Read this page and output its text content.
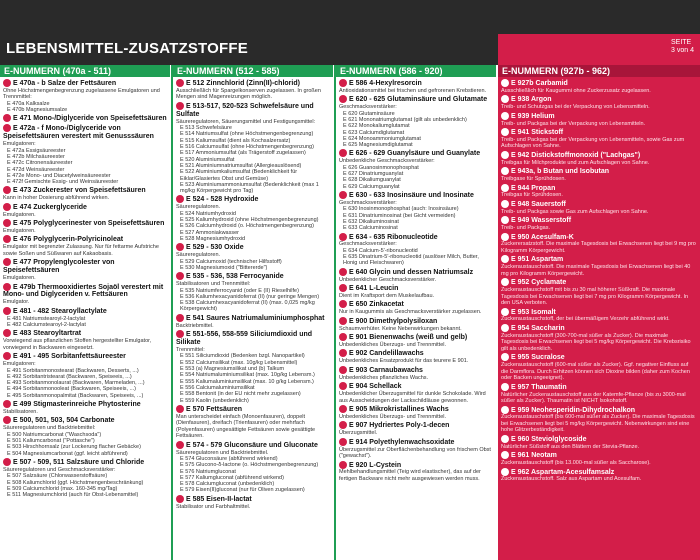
LEBENSMITTEL-ZUSATZSTOFFE	SEITE
3 von 4
E-NUMMERN (470a - 511)
E 470a - b Salze der Fettsäuren
Ohne Höchstmengenbegrenzung zugelassene Emulgatoren und Trennmittel:
E 470a Kalksalze
E 470b Magnesiumsalze
E 471 Mono-/Diglyceride von Speisefettsäuren
E 472a - f Mono-/Diglyceride von Speisefettsäuren verestert mit Genusssäuren
Emulgatoren:
E 472a Essigsäureester
E 472b Milchsäureester
E 472c Citronensäureester
E 472d Weinsäureester
E 472e Mono- und Diacetylweinsäureester
E 472f Gemischte Essig- und Weinsäureester
E 473 Zuckerester von Speisefettsäuren
Kann in hoher Dosierung abführend wirken.
E 474 Zuckerglyceride
Emulgatoren.
E 475 Polyglycerinester von Speisefettsäuren
Emulgatoren.
E 476 Polyglycerin-Polyricinoleat
Emulgator mit begrenzter Zulassung. Nur für fettarme Aufstriche sowie Soßen und Süßwaren auf Kakaobasis.
E 477 Propylenglycolester von Speisefettsäuren
Emulgatoren.
E 479b Thermooxidiertes Sojaöl verestert mit Mono- und Diglyceriden v. Fettsäuren
Emulgator.
E 481 - 482 Stearoyllactylate
E 481 Natriumstearoyl-2-lactylat
E 482 Calciumstearoyl-2-lactylat
E 483 Stearoyltartrat
Vorwiegend aus pflanzlichen Stoffen hergestellter Emulgator, vorwiegend in Backwaren eingesetzt.
E 491 - 495 Sorbitanfettsäureester
Emulgatoren:
E 491 Sorbitanmonostearat (Backwaren, Desserts, ...)
E 492 Sorbitantristearat (Backwaren, Speiseeis, ...)
E 493 Sorbitanmonolaurat (Backwaren, Marmeladen, ...)
E 494 Sorbitanmonooleat (Backwaren, Speiseeis, ...)
E 495 Sorbitanmonopalmitat (Backwaren, Speiseeis, ...)
E 499 Stigmasterinreiche Phytosterine
Stabilisatoren.
E 500, 501, 503, 504 Carbonate
Säureregulatoren und Backtriebmittel:
E 500 Natriumcarbonat ("Waschsoda")
E 501 Kaliumcarbonat ("Pottasche")
E 503 Hirschhornsalz (zur Lockerung flacher Gebäcke)
E 504 Magnesiumcarbonat (ggf. leicht abführend)
E 507 - 509, 511 Salzsäure und Chloride
Säureregulatoren und Geschmacksverstärker:
E 507 Salzsäure (Chlorwasserstoffsäure)
E 508 Kaliumchlorid (ggf. Höchstmengenbeschränkung)
E 509 Calciumchlorid (max. 160-345 mg/Tag)
E 511 Magnesiumchlorid (auch für Obst-Lebensmittel)
E-NUMMERN (512 - 585)
E 512 Zinnchlorid (Zinn(II)-chlorid)
Ausschließlich für Spargelkonserven zugelassen. In großen Mengen sind Magenreizungen möglich.
E 513-517, 520-523 Schwefelsäure und Sulfate
Säureregulatoren, Säuerungsmittel und Festigungsmittel:
E 513 Schwefelsäure
E 514 Natriumsulfat (ohne Höchstmengenbegrenzung)
E 515 Kaliumsulfat (dient als Kochsalzersatz)
E 516 Calciumsulfat (ohne Höchstmengenbegrenzung)
E 517 Ammoniumsulfat (als Trägerstoff zugelassen)
E 520 Aluminiumsulfat
E 521 Aluminiumnatriumsulfat (Allergieauslösend)
E 522 Aluminiumkaliumsulfat (Bedenklichkeit für Eiklar/Glasiertes Obst und Gemüse)
E 523 Aluminiumammoniumsulfat (Bedenklichkeit (max 1 mg/kg Körpergewicht pro Tag)
E 524 - 528 Hydroxide
Säureregulatoren.
E 524 Natriumhydroxid
E 525 Kaliumhydroxid (ohne Höchstmengenbegrenzung)
E 526 Calciumhydroxid (o. Höchstmengenbegrenzung)
E 527 Ammoniakwasser
E 528 Magnesiumhydroxid
E 529 - 530 Oxide
Säureregulatoren.
E 529 Calciumoxid (technischer Hilfsstoff)
E 530 Magnesiumoxid ("Bittererde")
E 535 - 536, 538 Ferrocyanide
Stabilisatoren und Trennmittel:
E 535 Natriumferrocyanid (oder E (II) Rieselhilfe)
E 536 Kaliumhexacyanidoferrat (II) (nur geringe Mengen)
E 538 Calciumhexacyanidoferrat (II) (max. 0,025 mg/kg Körpergewicht)
E 541 Saures Natriumaluminiumphosphat
Backtriebmittel.
E 551-556, 558-559 Siliciumdioxid und Silikate
Trennmittel:
E 551 Siliciumdioxid (Bedenken bzgl. Nanopartikel)
E 552 Calciumsilikat (max. 10g/kg Lebensmittel)
E 553 (a) Magnesiumsilikat und (b) Talkum
E 554 Natriumaluminiumsilikat (max. 10g/kg Lebensm.)
E 555 Kaliumaluminiumsilikat (max. 10 g/kg Lebensm.)
E 556 Calciumaluminiumsilikat
E 558 Bentonit (in der EU nicht mehr zugelassen)
E 559 Kaolin (unbedenklich)
E 570 Fettsäuren
Man unterscheidet einfach (Monoenfasuren), doppelt (Dienfasuren), dreifach (Trienfasuren) oder mehrfach (Polyenfasuren) ungesättigte Fettsäuren sowie gesättigte Fettsäuren.
E 574 - 579 Gluconsäure und Gluconate
Säureregulatoren und Backtriebmittel.
E 574 Gluconsäure (abführend wirkend)
E 575 Glucono-δ-lactone (o. Höchstmengenbegrenzung)
E 576 Natriumgluconat
E 577 Kaliumgluconat (abführend wirkend)
E 578 Calciumgluconat (unbedenklich)
E 579 Eisen(II)gluconat (nur für Oliven zugelassen)
E 585 Eisen-II-lactat
Stabilisator und Farbhaltmittel.
E-NUMMERN (586 - 920)
E 586 4-Hexylresorcin
Antioxidationsmittel bei frischen und gefrorenen Krebstieren.
E 620 - 625 Glutaminsäure und Glutamate
Geschmacksverstärker:
E 620 Glutaminsäure
E 621 Mononatriumglutamat (gilt als unbedenklich)
E 622 Monokaliumglutamat
E 623 Calciumdiglutamat
E 624 Monoammoniumglutamat
E 625 Magnesiumdiglutamat
E 626 - 629 Guanylsäure und Guanylate
Unbedenkliche Geschmacksverstärker:
E 626 Guanosinmonophosphat
E 627 Dinatriumguanylat
E 628 Dikaliumguanylat
E 629 Calciumguanylat
E 630 - 633 Inosinsäure und Inosinate
Geschmacksverstärker:
E 630 Inosinmonophosphat (auch: Inosinsäure)
E 631 Dinatriuminosinat (bei Gicht vermeiden)
E 632 Dikaliuminosinat
E 633 Calciuminosinat
E 634 - 635 Ribonucleotide
Geschmacksverstärker:
E 634 Calcium-5'-ribonucleotid
E 635 Dinatrium-5'-ribonucleotid (auslöser Milch, Butter, Honig und Fleischwaren)
E 640 Glycin und dessen Natriumsalz
Unbedenklicher Geschmacksverstärker.
E 641 L-Leucin
Dient im Kraftsport dem Muskelaufbau.
E 650 Zinkacetat
Nur in Kaugummis als Geschmacksverstärker zugelassen.
E 900 Dimethylpolysiloxan
Schaumverhüter. Keine Nebenwirkungen bekannt.
E 901 Bienenwachs (weiß und gelb)
Unbedenkliches Überzugs- und Trennmittel.
E 902 Candelillawachs
Unbedenkliches Ersatzprodukt für das teurere E 901.
E 903 Carnaubawachs
Unbedenkliches pflanzliches Wachs.
E 904 Schellack
Unbedenklicher Überzugsmittel für dunkle Schokolade. Wird aus Ausscheidungen der Lackschildläuse gewonnen.
E 905 Mikrokristallines Wachs
Unbedenkliches Überzugs- und Trennmittel.
E 907 Hydriertes Poly-1-decen
Überzugsmittel.
E 914 Polyethylenwachsoxidate
Überzugsmittel zur Oberflächenbehandlung von frischem Obst ("gewachst").
E 920 L-Cystein
Mehlbehandlungsmittel (Teig wird elastischer), das auf der fertigen Backware nicht mehr ausgewiesen werden muss.
E-NUMMERN (927b - 962)
E 927b Carbamid
Ausschließlich für Kaugummi ohne Zuckerzusatz zugelassen.
E 938 Argon
Treib- und Schutzgas bei der Verpackung von Lebensmitteln.
E 939 Helium
Treib- und Packgas bei der Verpackung von Lebensmitteln.
E 941 Stickstoff
Treib- und Packgas bei der Verpackung von Lebensmitteln, sowie Gas zum Aufschlagen von Sahne.
E 942 Distickstoffmonoxid ("Lachgas")
Treibgas für Milchprodukte und zum Aufschlagen von Sahne.
E 943a, b Butan und Isobutan
Treibgase für Sprühdosen.
E 944 Propan
Treibgas für Sprühdosen.
E 948 Sauerstoff
Treib- und Packgas sowie Gas zum Aufschlagen von Sahne.
E 949 Wasserstoff
Treib- und Packgas.
E 950 Acesulfam-K
Zuckerersatzstoff. Die maximale Tagesdosis bei Erwachsenen liegt bei 9 mg pro Kilogramm Körpergewicht.
E 951 Aspartam
Zuckeraustauschstoff. Die maximale Tagesdosis bei Erwachsenen liegt bei 40 mg pro Kilogramm Körpergewicht.
E 952 Cyclamate
Zuckeraustauschstoff mit bis zu 30 mal höherer Süßkraft. Die maximale Tagesdosis bei Erwachsenen liegt bei 7 mg pro Kilogramm Körpergewicht. In den USA verboten.
E 953 Isomalt
Zuckeraustauschstoff, der bei übermäßigem Verzehr abführend wirkt.
E 954 Saccharin
Zuckeraustauschstoff (300-700-mal süßer als Zucker). Die maximale Tagesdosis bei Erwachsenen liegt bei 5 mg/kg Körpergewicht. Die Krebsrisiko gilt als unbedenklich.
E 955 Sucralose
Zuckeraustauschstoff (600-mal süßer als Zucker). Ggf. negativer Einfluss auf die Darmflora. Durch Erhitzen können sich Dioxine bilden (daher zum Kochen oder Backen ungeeignet).
E 957 Thaumatin
Natürlicher Zuckeraustauschstoff aus der Katemfe-Pflanze (bis zu 3000-mal süßer als Zucker). Thaumatin ist NICHT Isokohstoff.
E 959 Neohesperidin-Dihydrochalkon
Zuckeraustauschstoff (bis 600-mal süßer als Zucker). Die maximale Tagesdosis bei Erwachsenen liegt bei 5 mg/kg Körpergewicht. Nebenwirkungen sind eine hohe Glitzerbeständigkeit.
E 960 Steviolglycoside
Natürlicher Süßstoff aus den Blättern der Stevia-Pflanze.
E 961 Neotam
Zuckeraustauschstoff (bis 13.000-mal süßer als Saccharose).
E 962 Aspartam-Acesulfamsalz
Zuckeraustauschstoff. Salz aus Aspartam und Acesulfam.
